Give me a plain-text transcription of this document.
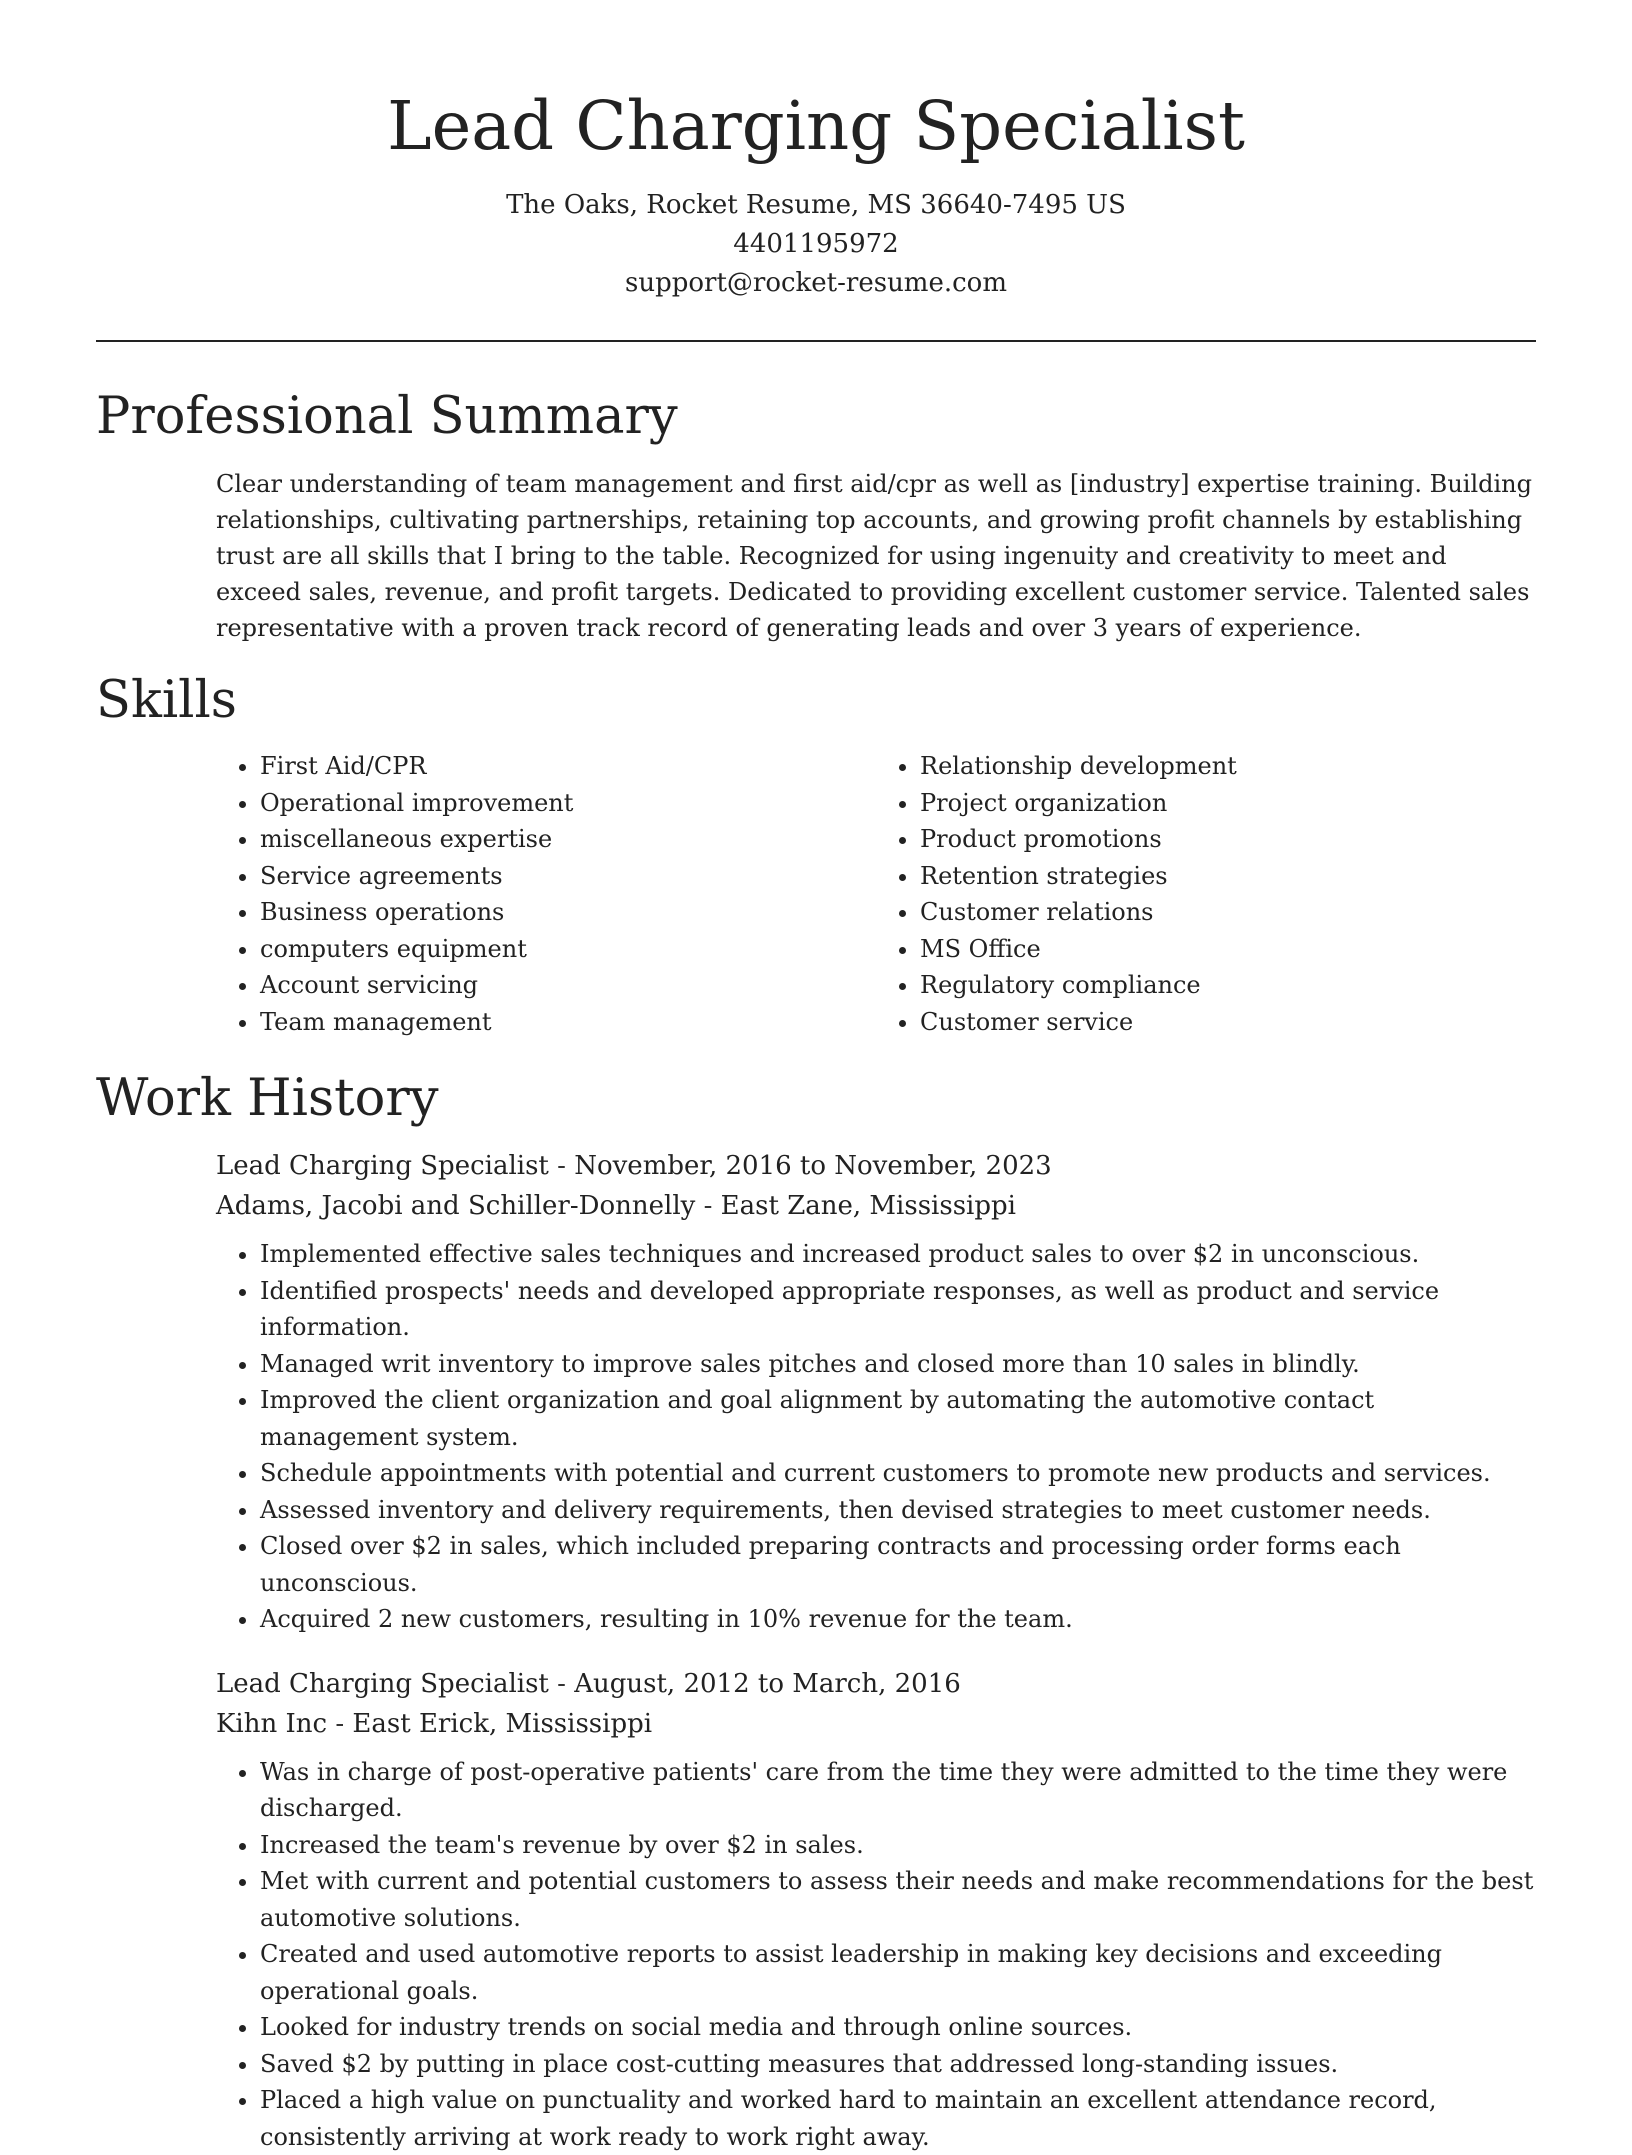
Lead Charging Specialist

The Oaks, Rocket Resume, MS 36640-7495 US

4401195972

support@rocket-resume.com

Professional Summary

Clear understanding of team management and first aid/cpr as well as [industry] expertise training. Building relationships, cultivating partnerships, retaining top accounts, and growing profit channels by establishing trust are all skills that I bring to the table. Recognized for using ingenuity and creativity to meet and exceed sales, revenue, and profit targets. Dedicated to providing excellent customer service. Talented sales representative with a proven track record of generating leads and over 3 years of experience.

Skills
• First Aid/CPR
• Operational improvement
• miscellaneous expertise
• Service agreements
• Business operations
• computers equipment
• Account servicing
• Team management
• Relationship development
• Project organization
• Product promotions
• Retention strategies
• Customer relations
• MS Office
• Regulatory compliance
• Customer service
Work History

Lead Charging Specialist - November, 2016 to November, 2023

Adams, Jacobi and Schiller-Donnelly - East Zane, Mississippi

• Implemented effective sales techniques and increased product sales to over $2 in unconscious.
• Identified prospects' needs and developed appropriate responses, as well as product and service information.
• Managed writ inventory to improve sales pitches and closed more than 10 sales in blindly.
• Improved the client organization and goal alignment by automating the automotive contact management system.
• Schedule appointments with potential and current customers to promote new products and services.
• Assessed inventory and delivery requirements, then devised strategies to meet customer needs.
• Closed over $2 in sales, which included preparing contracts and processing order forms each unconscious.
• Acquired 2 new customers, resulting in 10% revenue for the team.

Lead Charging Specialist - August, 2012 to March, 2016

Kihn Inc - East Erick, Mississippi

• Was in charge of post-operative patients' care from the time they were admitted to the time they were discharged.
• Increased the team's revenue by over $2 in sales.
• Met with current and potential customers to assess their needs and make recommendations for the best automotive solutions.
• Created and used automotive reports to assist leadership in making key decisions and exceeding operational goals.
• Looked for industry trends on social media and through online sources.
• Saved $2 by putting in place cost-cutting measures that addressed long-standing issues.
• Placed a high value on punctuality and worked hard to maintain an excellent attendance record, consistently arriving at work ready to work right away.
